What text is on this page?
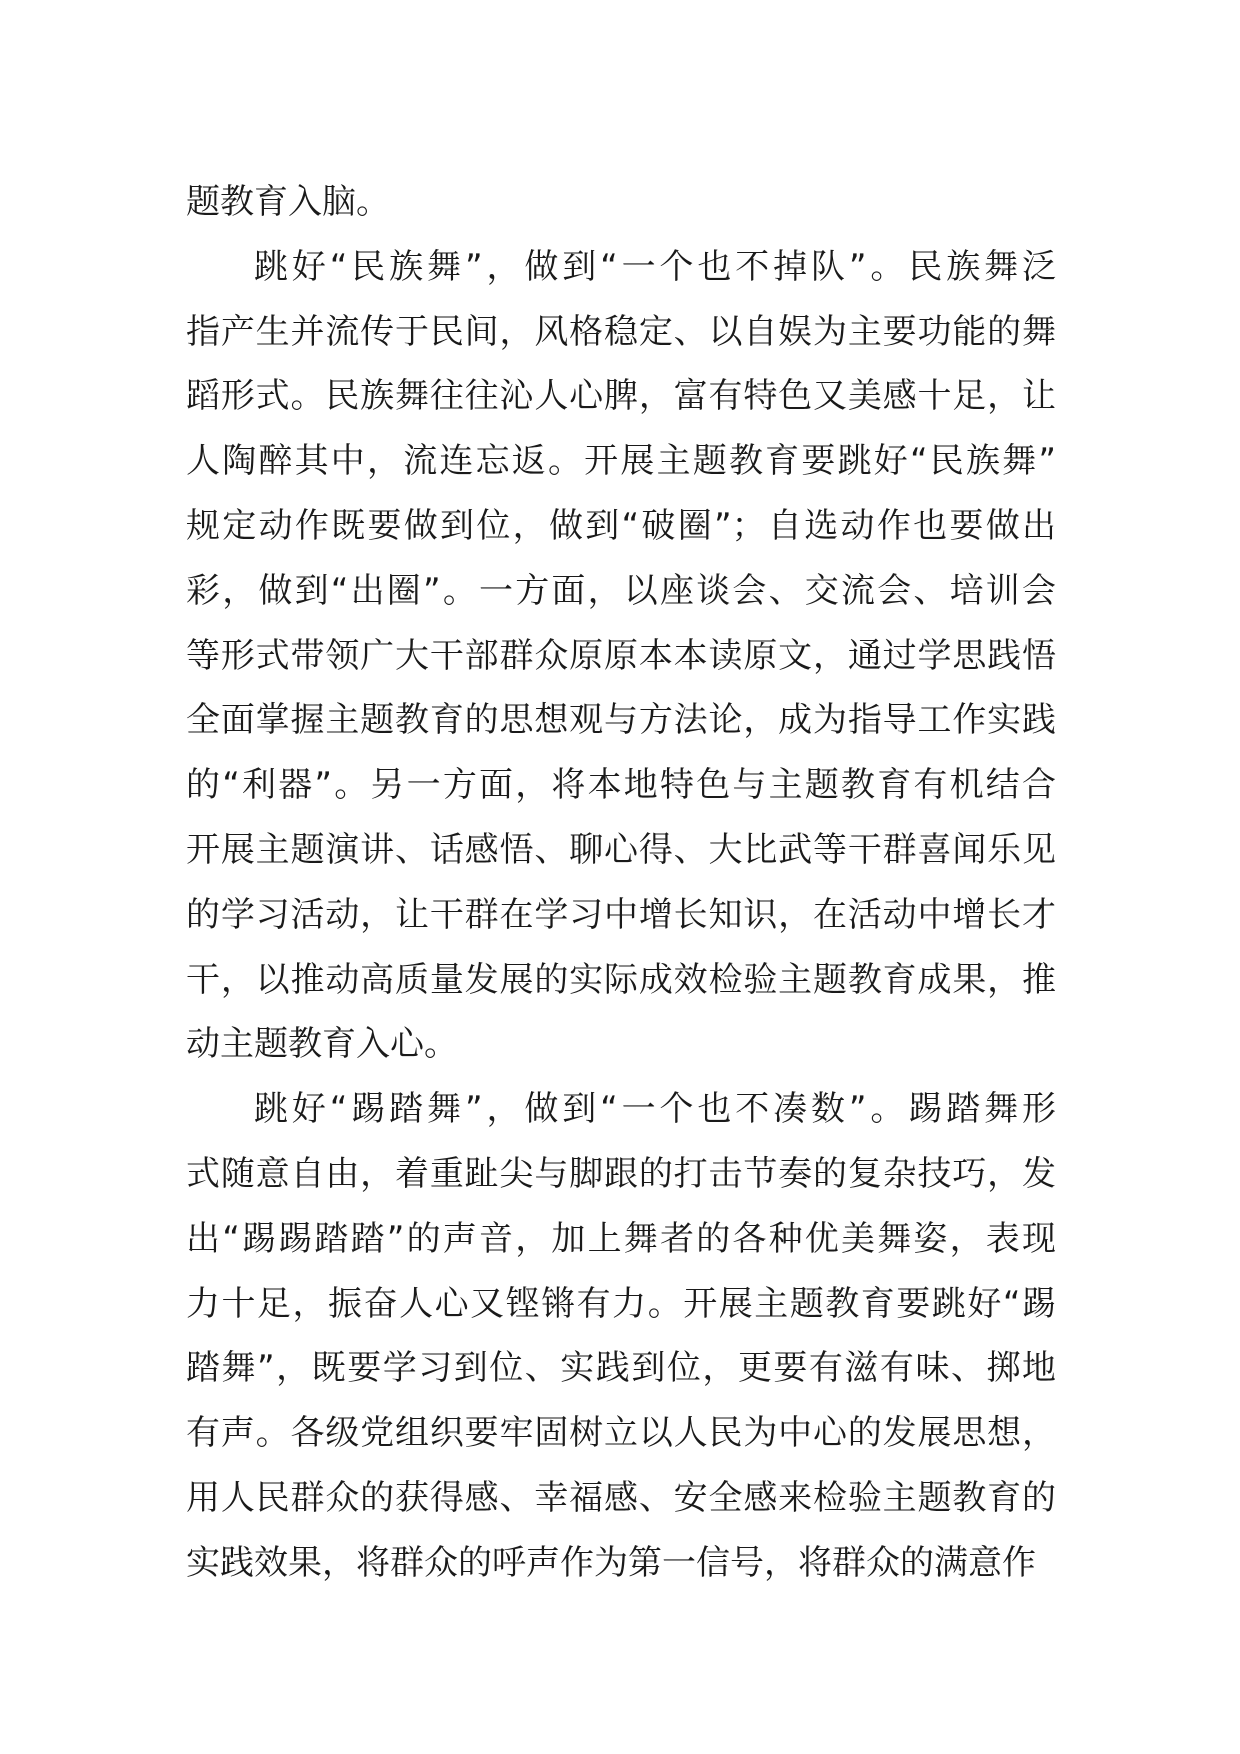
题教育入脑。
跳好“民族舞”，做到“一个也不掉队”。民族舞泛
指产生并流传于民间，风格稳定、以自娱为主要功能的舞
蹈形式。民族舞往往沁人心脾，富有特色又美感十足，让
人陶醉其中，流连忘返。开展主题教育要跳好“民族舞”
规定动作既要做到位，做到“破圈”；自选动作也要做出
彩，做到“出圈”。一方面，以座谈会、交流会、培训会
等形式带领广大干部群众原原本本读原文，通过学思践悟
全面掌握主题教育的思想观与方法论，成为指导工作实践
的“利器”。另一方面，将本地特色与主题教育有机结合
开展主题演讲、话感悟、聊心得、大比武等干群喜闻乐见
的学习活动，让干群在学习中增长知识，在活动中增长才
干，以推动高质量发展的实际成效检验主题教育成果，推
动主题教育入心。
跳好“踢踏舞”，做到“一个也不凑数”。踢踏舞形
式随意自由，着重趾尖与脚跟的打击节奏的复杂技巧，发
出“踢踢踏踏”的声音，加上舞者的各种优美舞姿，表现
力十足，振奋人心又铿锵有力。开展主题教育要跳好“踢
踏舞”，既要学习到位、实践到位，更要有滋有味、掷地
有声。各级党组织要牢固树立以人民为中心的发展思想，
用人民群众的获得感、幸福感、安全感来检验主题教育的
实践效果，将群众的呼声作为第一信号，将群众的满意作
